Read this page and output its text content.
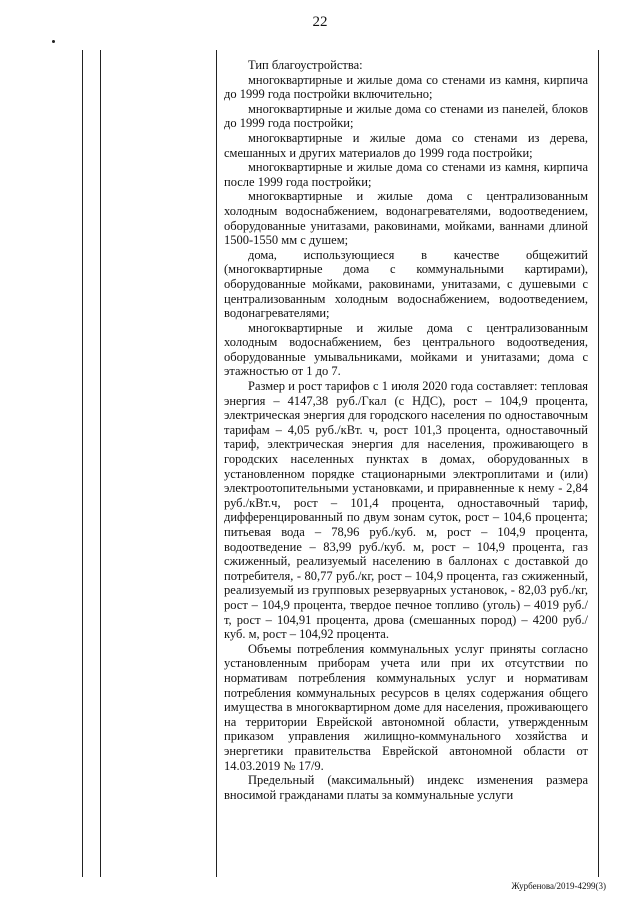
22

Тип благоустройства:

многоквартирные и жилые дома со стенами из камня, кирпича до 1999 года постройки включительно;

многоквартирные и жилые дома со стенами из панелей, блоков до 1999 года постройки;

многоквартирные и жилые дома со стенами из дерева, смешанных и других материалов до 1999 года постройки;

многоквартирные и жилые дома со стенами из камня, кирпича после 1999 года постройки;

многоквартирные и жилые дома с централизованным холодным водоснабжением, водонагревателями, водоотведением, оборудованные унитазами, раковинами, мойками, ваннами длиной 1500-1550 мм с душем;

дома, использующиеся в качестве общежитий (многоквартирные дома с коммунальными картирами), оборудованные мойками, раковинами, унитазами, с душевыми с централизованным холодным водоснабжением, водоотведением, водонагревателями;

многоквартирные и жилые дома с централизованным холодным водоснабжением, без центрального водоотведения, оборудованные умывальниками, мойками и унитазами; дома с этажностью от 1 до 7.

Размер и рост тарифов с 1 июля 2020 года составляет: тепловая энергия – 4147,38 руб./Гкал (с НДС), рост – 104,9 процента, электрическая энергия для городского населения по одноставочным тарифам – 4,05 руб./кВт. ч, рост 101,3 процента, одноставочный тариф, электрическая энергия для населения, проживающего в городских населенных пунктах в домах, оборудованных в установленном порядке стационарными электроплитами и (или) электроотопительными установками, и приравненные к нему - 2,84 руб./кВт.ч, рост – 101,4 процента, одноставочный тариф, дифференцированный по двум зонам суток, рост – 104,6 процента; питьевая вода – 78,96 руб./куб. м, рост – 104,9 процента, водоотведение – 83,99 руб./куб. м, рост – 104,9 процента, газ сжиженный, реализуемый населению в баллонах с доставкой до потребителя, - 80,77 руб./кг, рост – 104,9 процента, газ сжиженный, реализуемый из групповых резервуарных установок, - 82,03 руб./кг, рост – 104,9 процента, твердое печное топливо (уголь) – 4019 руб./т, рост – 104,91 процента, дрова (смешанных пород) – 4200 руб./куб. м, рост – 104,92 процента.

Объемы потребления коммунальных услуг приняты согласно установленным приборам учета или при их отсутствии по нормативам потребления коммунальных услуг и нормативам потребления коммунальных ресурсов в целях содержания общего имущества в многоквартирном доме для населения, проживающего на территории Еврейской автономной области, утвержденным приказом управления жилищно-коммунального хозяйства и энергетики правительства Еврейской автономной области от 14.03.2019 № 17/9.

Предельный (максимальный) индекс изменения размера вносимой гражданами платы за коммунальные услуги

Журбенова/2019-4299(3)
